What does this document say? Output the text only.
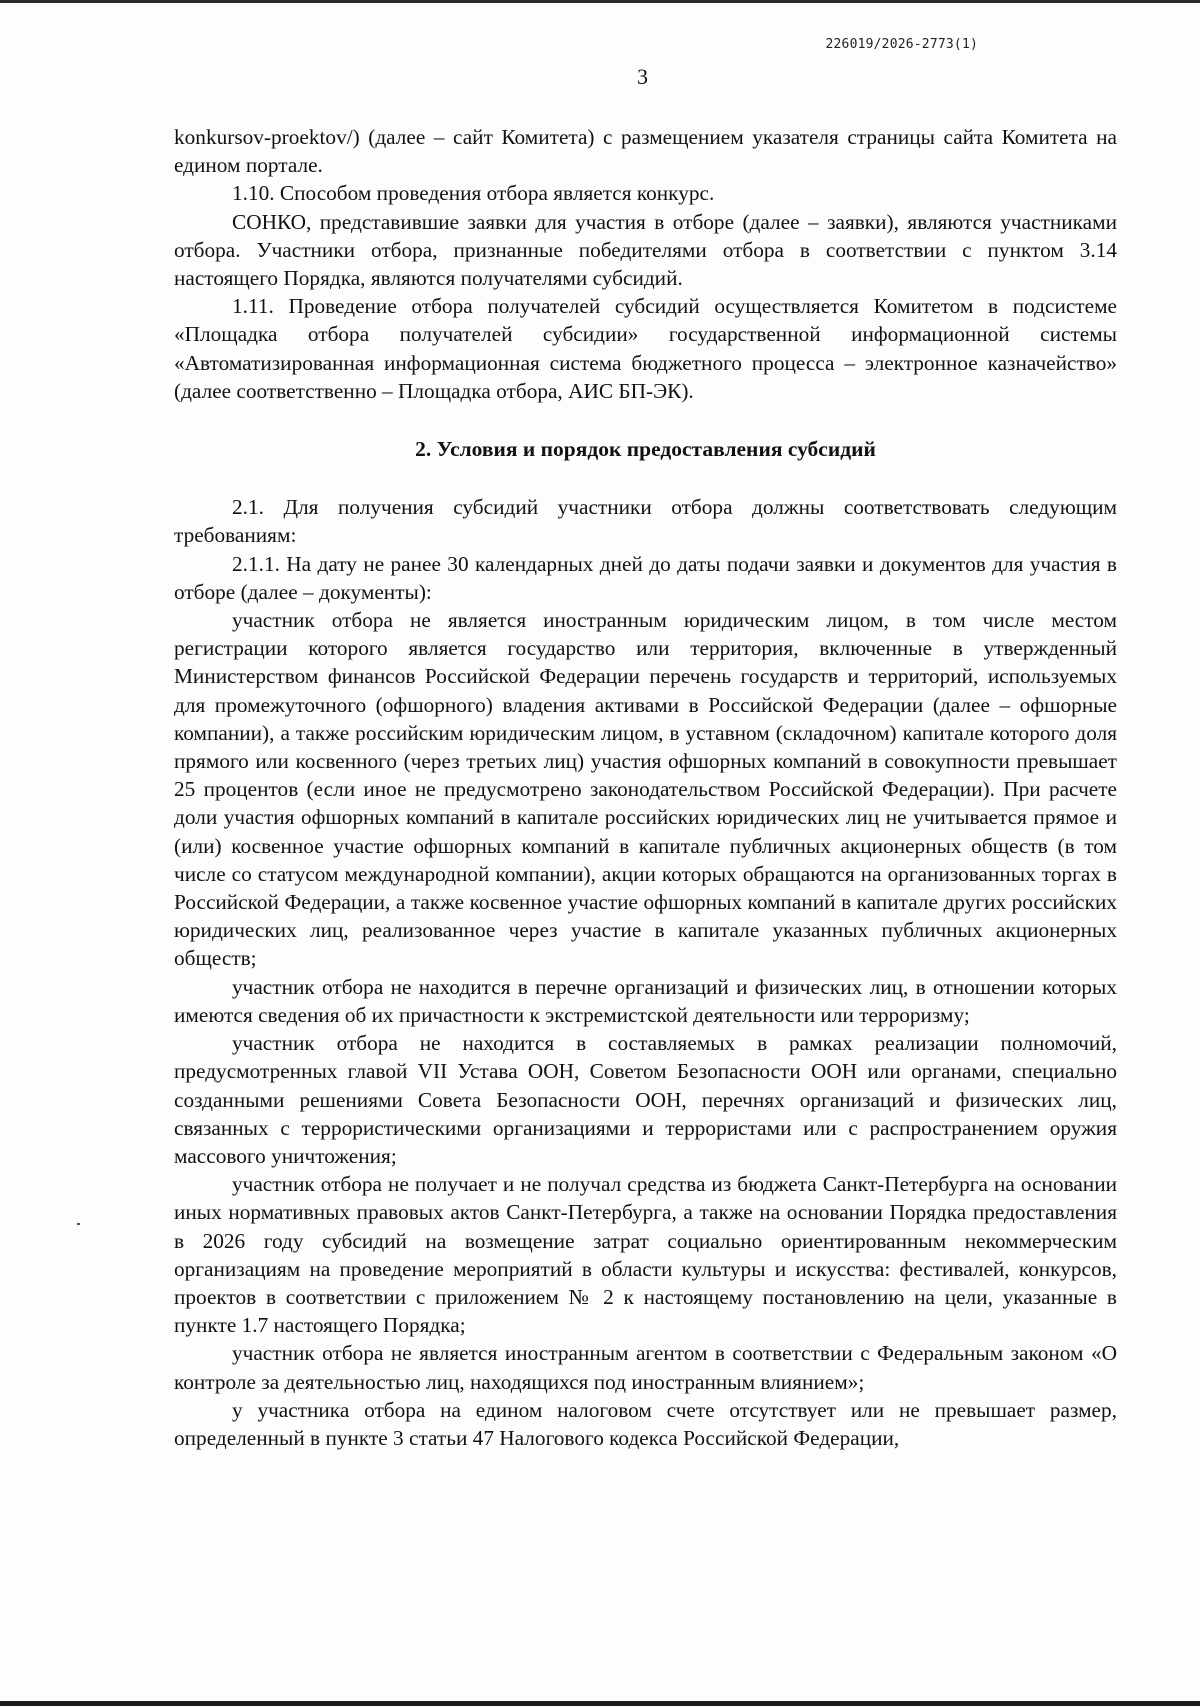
226019/2026-2773(1)
3

konkursov-proektov/) (далее – сайт Комитета) с размещением указателя страницы сайта Комитета на едином портале.

1.10. Способом проведения отбора является конкурс.

СОНКО, представившие заявки для участия в отборе (далее – заявки), являются участниками отбора. Участники отбора, признанные победителями отбора в соответствии с пунктом 3.14 настоящего Порядка, являются получателями субсидий.

1.11. Проведение отбора получателей субсидий осуществляется Комитетом в подсистеме «Площадка отбора получателей субсидии» государственной информационной системы «Автоматизированная информационная система бюджетного процесса – электронное казначейство» (далее соответственно – Площадка отбора, АИС БП-ЭК).

2. Условия и порядок предоставления субсидий

2.1. Для получения субсидий участники отбора должны соответствовать следующим требованиям:

2.1.1. На дату не ранее 30 календарных дней до даты подачи заявки и документов для участия в отборе (далее – документы):

участник отбора не является иностранным юридическим лицом, в том числе местом регистрации которого является государство или территория, включенные в утвержденный Министерством финансов Российской Федерации перечень государств и территорий, используемых для промежуточного (офшорного) владения активами в Российской Федерации (далее – офшорные компании), а также российским юридическим лицом, в уставном (складочном) капитале которого доля прямого или косвенного (через третьих лиц) участия офшорных компаний в совокупности превышает 25 процентов (если иное не предусмотрено законодательством Российской Федерации). При расчете доли участия офшорных компаний в капитале российских юридических лиц не учитывается прямое и (или) косвенное участие офшорных компаний в капитале публичных акционерных обществ (в том числе со статусом международной компании), акции которых обращаются на организованных торгах в Российской Федерации, а также косвенное участие офшорных компаний в капитале других российских юридических лиц, реализованное через участие в капитале указанных публичных акционерных обществ;

участник отбора не находится в перечне организаций и физических лиц, в отношении которых имеются сведения об их причастности к экстремистской деятельности или терроризму;

участник отбора не находится в составляемых в рамках реализации полномочий, предусмотренных главой VII Устава ООН, Советом Безопасности ООН или органами, специально созданными решениями Совета Безопасности ООН, перечнях организаций и физических лиц, связанных с террористическими организациями и террористами или с распространением оружия массового уничтожения;

участник отбора не получает и не получал средства из бюджета Санкт-Петербурга на основании иных нормативных правовых актов Санкт-Петербурга, а также на основании Порядка предоставления в 2026 году субсидий на возмещение затрат социально ориентированным некоммерческим организациям на проведение мероприятий в области культуры и искусства: фестивалей, конкурсов, проектов в соответствии с приложением № 2 к настоящему постановлению на цели, указанные в пункте 1.7 настоящего Порядка;

участник отбора не является иностранным агентом в соответствии с Федеральным законом «О контроле за деятельностью лиц, находящихся под иностранным влиянием»;

у участника отбора на едином налоговом счете отсутствует или не превышает размер, определенный в пункте 3 статьи 47 Налогового кодекса Российской Федерации,
